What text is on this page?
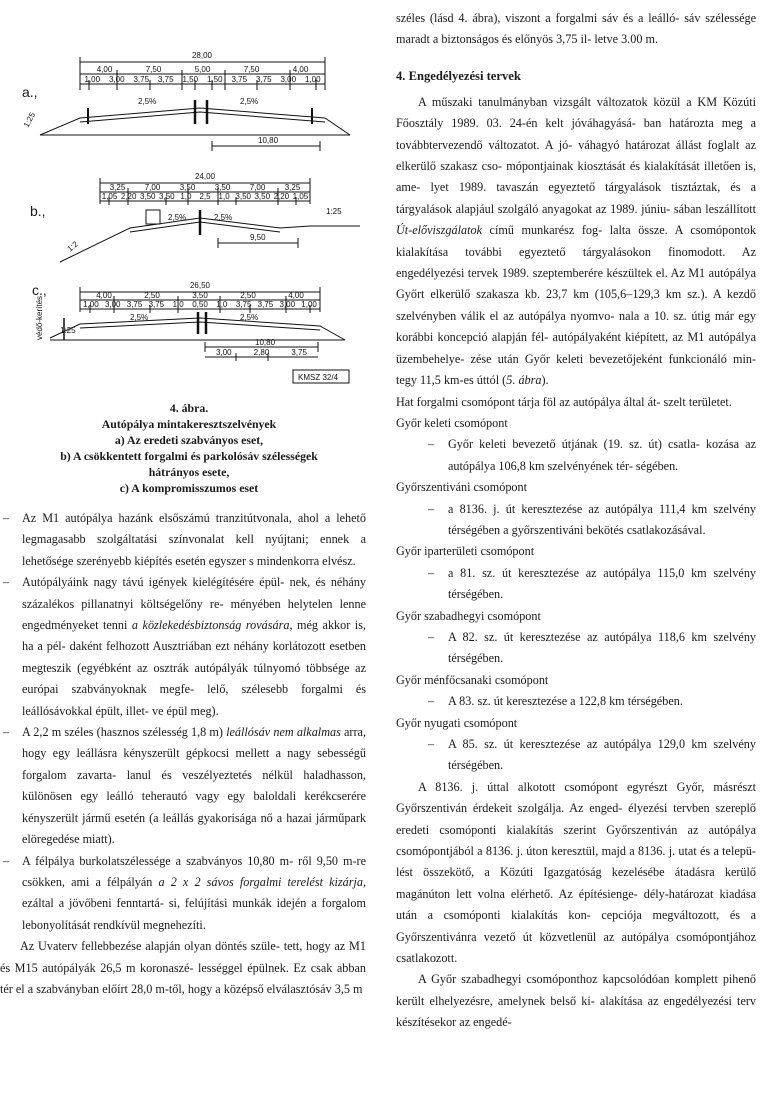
a.,
b.,
c.,
28,00
4,00	7,50	5,00	7,50	4,00
1,00 3,00 3,75 3,75 1,50 1,50 3,75 3,75 3,00 1,00
2,5%	2,5%
1:25
10,80
24,00
3,25 7,00 3,50 3,50 7,00 3,25
1,05 2,20 3,50 3,50 1,0 2,5 1,0 3,50 3,50 2,20 1,05
2,5%	2,5%
1:25
1:2
9,50
26,50
4,00	2,50	3,50	2,50	4,00
1,00 3,00 3,75 3,75 1,0 0,50 1,0 3,75 3,75 3,00 1,00
2,5%	2,5%
1:25
védő-kerítés
10,80
3,00	2,80	3,75
KMSZ 32/4
4. ábra.
Autópálya mintakeresztszelvények
a) Az eredeti szabványos eset,
b) A csökkentett forgalmi és parkolósáv szélességek
hátrányos esete,
c) A kompromisszumos eset
– Az M1 autópálya hazánk elsőszámú tranzitútvonala, ahol a lehető legmagasabb szolgáltatási színvonalat kell nyújtani; ennek a lehetősége szerényebb kiépítés esetén egyszer s mindenkorra elvész.
– Autópályáink nagy távú igények kielégítésére épül- nek, és néhány százalékos pillanatnyi költségelőny re- ményében helytelen lenne engedményeket tenni a közlekedésbiztonság rovására, még akkor is, ha a pél- daként felhozott Ausztriában ezt néhány korlátozott esetben megteszik (egyébként az osztrák autópályák túlnyomó többsége az európai szabványoknak megfe- lelő, szélesebb forgalmi és leállósávokkal épült, illet- ve épül meg).
– A 2,2 m széles (hasznos szélesség 1,8 m) leállósáv nem alkalmas arra, hogy egy leállásra kényszerült gépkocsi mellett a nagy sebességű forgalom zavarta- lanul és veszélyeztetés nélkül haladhasson, különösen egy leálló teherautó vagy egy baloldali kerékcserére kényszerült jármű esetén (a leállás gyakorisága nő a hazai járműpark elöregedése miatt).
– A félpálya burkolatszélessége a szabványos 10,80 m- ről 9,50 m-re csökken, ami a félpályán a 2 x 2 sávos forgalmi terelést kizárja, ezáltal a jövőbeni fenntartá- si, felújítási munkák idején a forgalom lebonyolítását rendkívül megnehezíti.
Az Uvaterv fellebbezése alapján olyan döntés szüle- tett, hogy az M1 és M15 autópályák 26,5 m koronaszé- lességgel épülnek. Ez csak abban tér el a szabványban előírt 28,0 m-től, hogy a középső elválasztósáv 3,5 m
széles (lásd 4. ábra), viszont a forgalmi sáv és a leálló- sáv szélessége maradt a biztonságos és előnyös 3,75 il- letve 3.00 m.
4. Engedélyezési tervek
A műszaki tanulmányban vizsgált változatok közül a KM Közúti Főosztály 1989. 03. 24-én kelt jóváhagyásá- ban határozta meg a továbbtervezendő változatot. A jó- váhagyó határozat állást foglalt az elkerülő szakasz cso- mópontjainak kiosztását és kialakítását illetően is, ame- lyet 1989. tavaszán egyeztető tárgyalások tisztáztak, és a tárgyalások alapjául szolgáló anyagokat az 1989. júniu- sában leszállított Út-előviszgálatok című munkarész fog- lalta össze. A csomópontok kialakítása további egyeztető tárgyalásokon finomodott. Az engedélyezési tervek 1989. szeptemberére készültek el. Az M1 autópálya Győrt elkerülő szakasza kb. 23,7 km (105,6–129,3 km sz.). A kezdő szelvényben válik el az autópálya nyomvo- nala a 10. sz. útig már egy korábbi koncepció alapján fél- autópályaként kiépített, az M1 autópálya üzembehelye- zése után Győr keleti bevezetőjeként funkcionáló min- tegy 11,5 km-es úttól (5. ábra).
Hat forgalmi csomópont tárja föl az autópálya által át- szelt területet.
Győr keleti csomópont
– Győr keleti bevezető útjának (19. sz. út) csatla- kozása az autópálya 106,8 km szelvényének tér- ségében.
Győrszentiváni csomópont
– a 8136. j. út keresztezése az autópálya 111,4 km szelvény térségében a győrszentiváni bekötés csatlakozásával.
Győr iparterületi csomópont
– a 81. sz. út keresztezése az autópálya 115,0 km szelvény térségében.
Győr szabadhegyi csomópont
– A 82. sz. út keresztezése az autópálya 118,6 km szelvény térségében.
Győr ménfőcsanaki csomópont
– A 83. sz. út keresztezése a 122,8 km térségében.
Győr nyugati csomópont
– A 85. sz. út keresztezése az autópálya 129,0 km szelvény térségében.
A 8136. j. úttal alkotott csomópont egyrészt Győr, másrészt Győrszentiván érdekeit szolgálja. Az enged- élyezési tervben szereplő eredeti csomóponti kialakítás szerint Győrszentiván az autópálya csomópontjából a 8136. j. úton keresztül, majd a 8136. j. utat és a telepü- lést összekötő, a Közúti Igazgatóság kezelésébe átadásra kerülő magánúton lett volna elérhető. Az építésienge- dély-határozat kiadása után a csomóponti kialakítás kon- cepciója megváltozott, és a Győrszentivánra vezető út közvetlenül az autópálya csomópontjához csatlakozott.
A Győr szabadhegyi csomóponthoz kapcsolódóan komplett pihenő került elhelyezésre, amelynek belső ki- alakítása az engedélyezési terv készítésekor az engedé-
